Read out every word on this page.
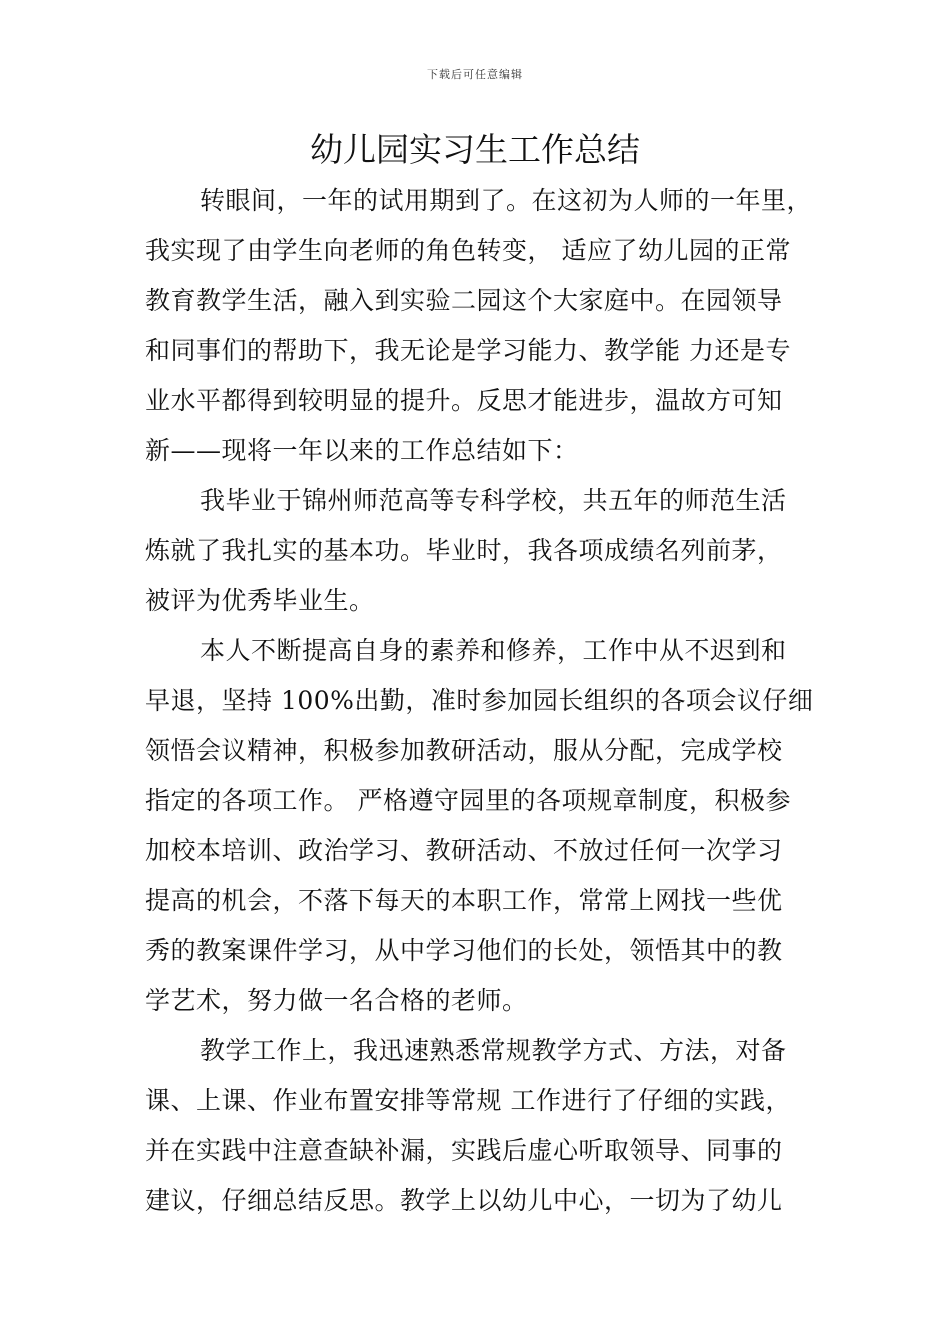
下载后可任意编辑
幼儿园实习生工作总结
转眼间，一年的试用期到了。在这初为人师的一年里，
我实现了由学生向老师的角色转变， 适应了幼儿园的正常
教育教学生活，融入到实验二园这个大家庭中。在园领导
和同事们的帮助下，我无论是学习能力、教学能 力还是专
业水平都得到较明显的提升。反思才能进步，温故方可知
新——现将一年以来的工作总结如下：
我毕业于锦州师范高等专科学校，共五年的师范生活
炼就了我扎实的基本功。毕业时，我各项成绩名列前茅，
被评为优秀毕业生。
本人不断提高自身的素养和修养，工作中从不迟到和
早退，坚持 100%出勤，准时参加园长组织的各项会议仔细
领悟会议精神，积极参加教研活动，服从分配，完成学校
指定的各项工作。 严格遵守园里的各项规章制度，积极参
加校本培训、政治学习、教研活动、不放过任何一次学习
提高的机会，不落下每天的本职工作，常常上网找一些优
秀的教案课件学习，从中学习他们的长处，领悟其中的教
学艺术，努力做一名合格的老师。
教学工作上，我迅速熟悉常规教学方式、方法，对备
课、上课、作业布置安排等常规 工作进行了仔细的实践，
并在实践中注意查缺补漏，实践后虚心听取领导、同事的
建议，仔细总结反思。教学上以幼儿中心，一切为了幼儿
